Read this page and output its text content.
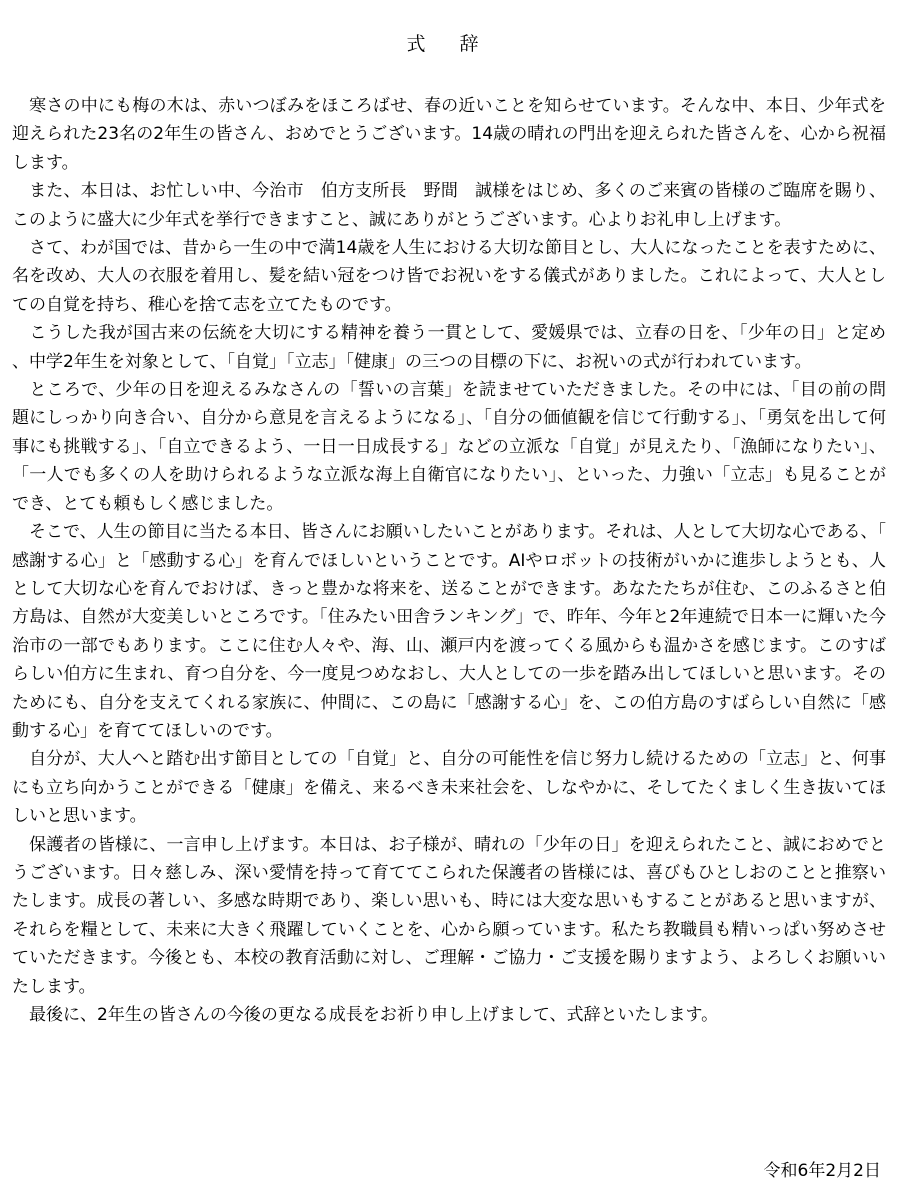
式 辞

　寒さの中にも梅の木は、赤いつぼみをほころばせ、春の近いことを知らせています。そんな中、本日、少年式を迎えられた23名の2年生の皆さん、おめでとうございます。14歳の晴れの門出を迎えられた皆さんを、心から祝福します。

　また、本日は、お忙しい中、今治市　伯方支所長　野間　誠様をはじめ、多くのご来賓の皆様のご臨席を賜り、このように盛大に少年式を挙行できますこと、誠にありがとうございます。心よりお礼申し上げます。

　さて、わが国では、昔から一生の中で満14歳を人生における大切な節目とし、大人になったことを表すために、名を改め、大人の衣服を着用し、髪を結い冠をつけ皆でお祝いをする儀式がありました。これによって、大人としての自覚を持ち、稚心を捨て志を立てたものです。

　こうした我が国古来の伝統を大切にする精神を養う一貫として、愛媛県では、立春の日を、「少年の日」と定め、中学2年生を対象として、「自覚」「立志」「健康」の三つの目標の下に、お祝いの式が行われています。

　ところで、少年の日を迎えるみなさんの「誓いの言葉」を読ませていただきました。その中には、「目の前の問題にしっかり向き合い、自分から意見を言えるようになる」、「自分の価値観を信じて行動する」、「勇気を出して何事にも挑戦する」、「自立できるよう、一日一日成長する」などの立派な「自覚」が見えたり、「漁師になりたい」、「一人でも多くの人を助けられるような立派な海上自衛官になりたい」、といった、力強い「立志」も見ることができ、とても頼もしく感じました。

　そこで、人生の節目に当たる本日、皆さんにお願いしたいことがあります。それは、人として大切な心である、「感謝する心」と「感動する心」を育んでほしいということです。AIやロボットの技術がいかに進歩しようとも、人として大切な心を育んでおけば、きっと豊かな将来を、送ることができます。あなたたちが住む、このふるさと伯方島は、自然が大変美しいところです。「住みたい田舎ランキング」で、昨年、今年と2年連続で日本一に輝いた今治市の一部でもあります。ここに住む人々や、海、山、瀬戸内を渡ってくる風からも温かさを感じます。このすばらしい伯方に生まれ、育つ自分を、今一度見つめなおし、大人としての一歩を踏み出してほしいと思います。そのためにも、自分を支えてくれる家族に、仲間に、この島に「感謝する心」を、この伯方島のすばらしい自然に「感動する心」を育ててほしいのです。

　自分が、大人へと踏む出す節目としての「自覚」と、自分の可能性を信じ努力し続けるための「立志」と、何事にも立ち向かうことができる「健康」を備え、来るべき未来社会を、しなやかに、そしてたくましく生き抜いてほしいと思います。

　保護者の皆様に、一言申し上げます。本日は、お子様が、晴れの「少年の日」を迎えられたこと、誠におめでとうございます。日々慈しみ、深い愛情を持って育ててこられた保護者の皆様には、喜びもひとしおのことと推察いたします。成長の著しい、多感な時期であり、楽しい思いも、時には大変な思いもすることがあると思いますが、それらを糧として、未来に大きく飛躍していくことを、心から願っています。私たち教職員も精いっぱい努めさせていただきます。今後とも、本校の教育活動に対し、ご理解・ご協力・ご支援を賜りますよう、よろしくお願いいたします。

　最後に、2年生の皆さんの今後の更なる成長をお祈り申し上げまして、式辞といたします。

令和6年2月2日
